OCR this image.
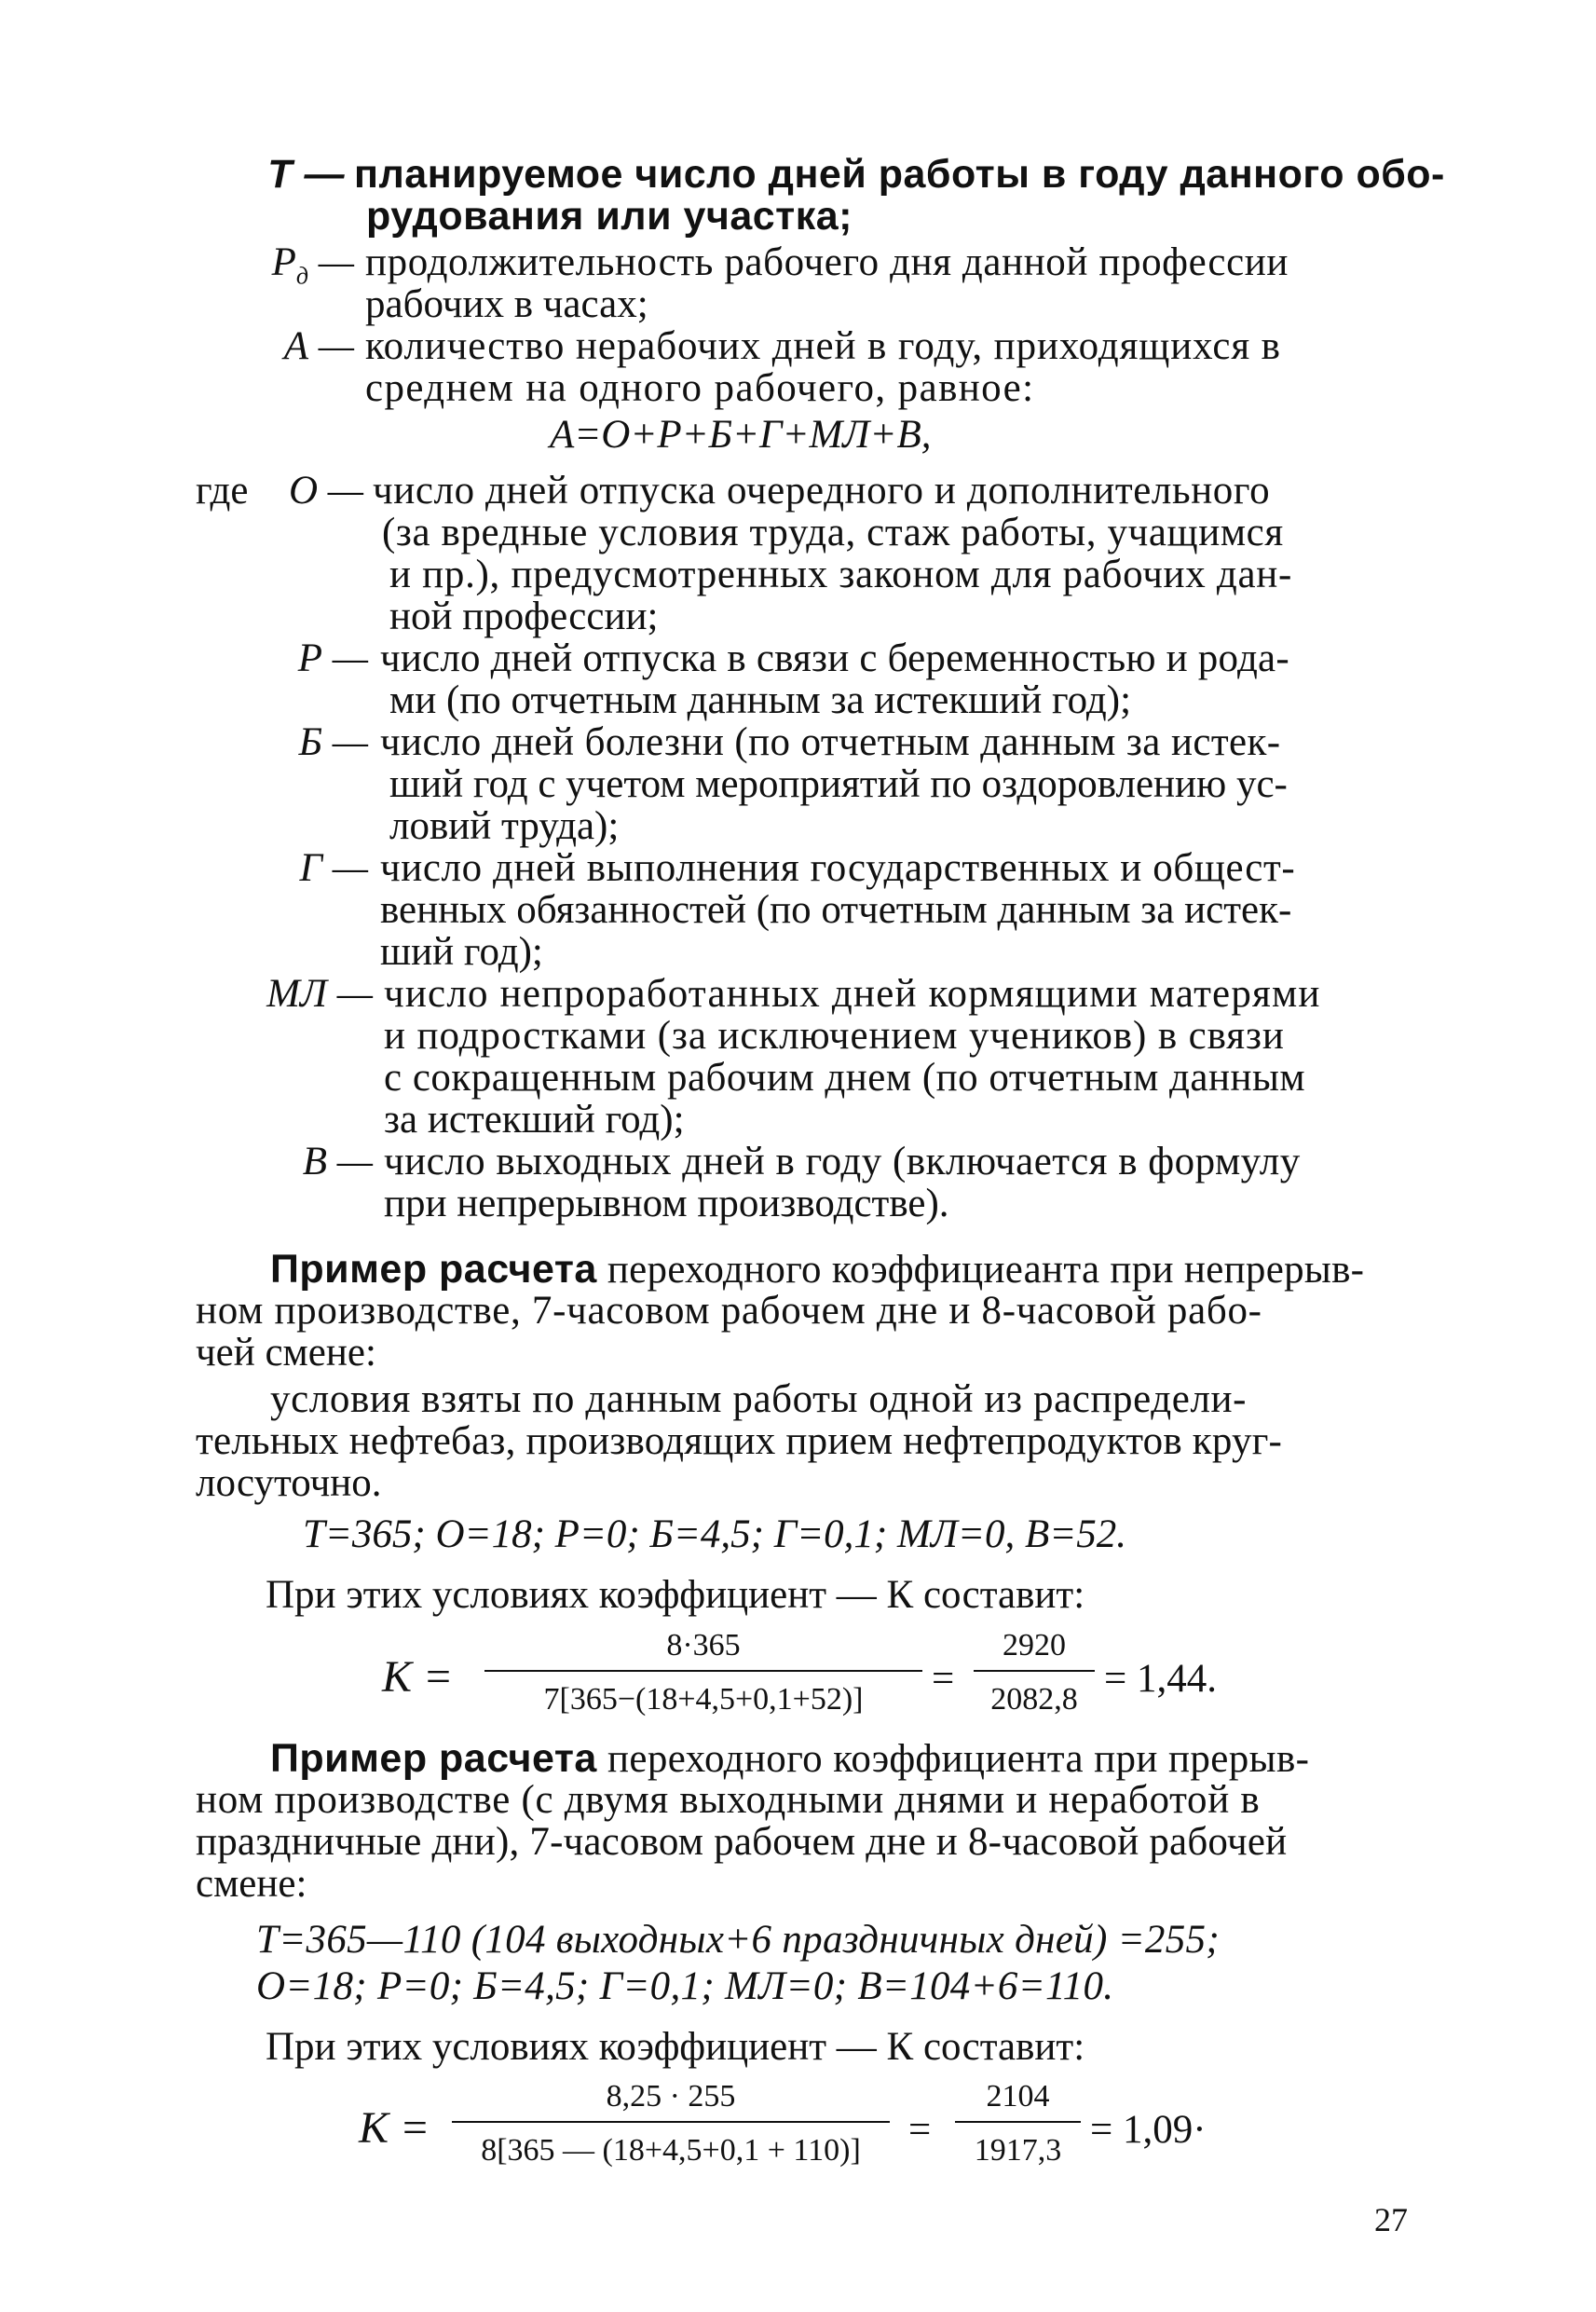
Т — планируемое число дней работы в году данного обо-
рудования или участка;
$Р_д$ — продолжительность рабочего дня данной профессии
рабочих в часах;
А — количество нерабочих дней в году, приходящихся в
среднем на одного рабочего, равное:
А=О+Р+Б+Г+МЛ+В,
где	О — число дней отпуска очередного и дополнительного
(за вредные условия труда, стаж работы, учащимся
и пр.), предусмотренных законом для рабочих дан-
ной профессии;
Р — число дней отпуска в связи с беременностью и рода-
ми (по отчетным данным за истекший год);
Б — число дней болезни (по отчетным данным за истек-
ший год с учетом мероприятий по оздоровлению ус-
ловий труда);
Г — число дней выполнения государственных и общест-
венных обязанностей (по отчетным данным за истек-
ший год);
МЛ — число непроработанных дней кормящими матерями
и подростками (за исключением учеников) в связи
с сокращенным рабочим днем (по отчетным данным
за истекший год);
В — число выходных дней в году (включается в формулу
при непрерывном производстве).
Пример расчета переходного коэффициеанта при непрерыв-
ном производстве, 7-часовом рабочем дне и 8-часовой рабо-
чей смене:
условия взяты по данным работы одной из распредели-
тельных нефтебаз, производящих прием нефтепродуктов круг-
лосуточно.
Т=365; О=18; Р=0; Б=4,5; Г=0,1; МЛ=0, В=52.
При этих условиях коэффициент — К составит:
К =
8·365
7[365−(18+4,5+0,1+52)]	=
2920
2082,8 = 1,44.
Пример расчета переходного коэффициента при прерыв-
ном производстве (с двумя выходными днями и неработой в
праздничные дни), 7-часовом рабочем дне и 8-часовой рабочей
смене:
Т=365—110 (104 выходных+6 праздничных дней) =255;
О=18; Р=0; Б=4,5; Г=0,1; МЛ=0; В=104+6=110.
При этих условиях коэффициент — К составит:
К =
8,25 · 255
8[365 — (18+4,5+0,1 + 110)]	=
2104
1917,3 = 1,09·
27
